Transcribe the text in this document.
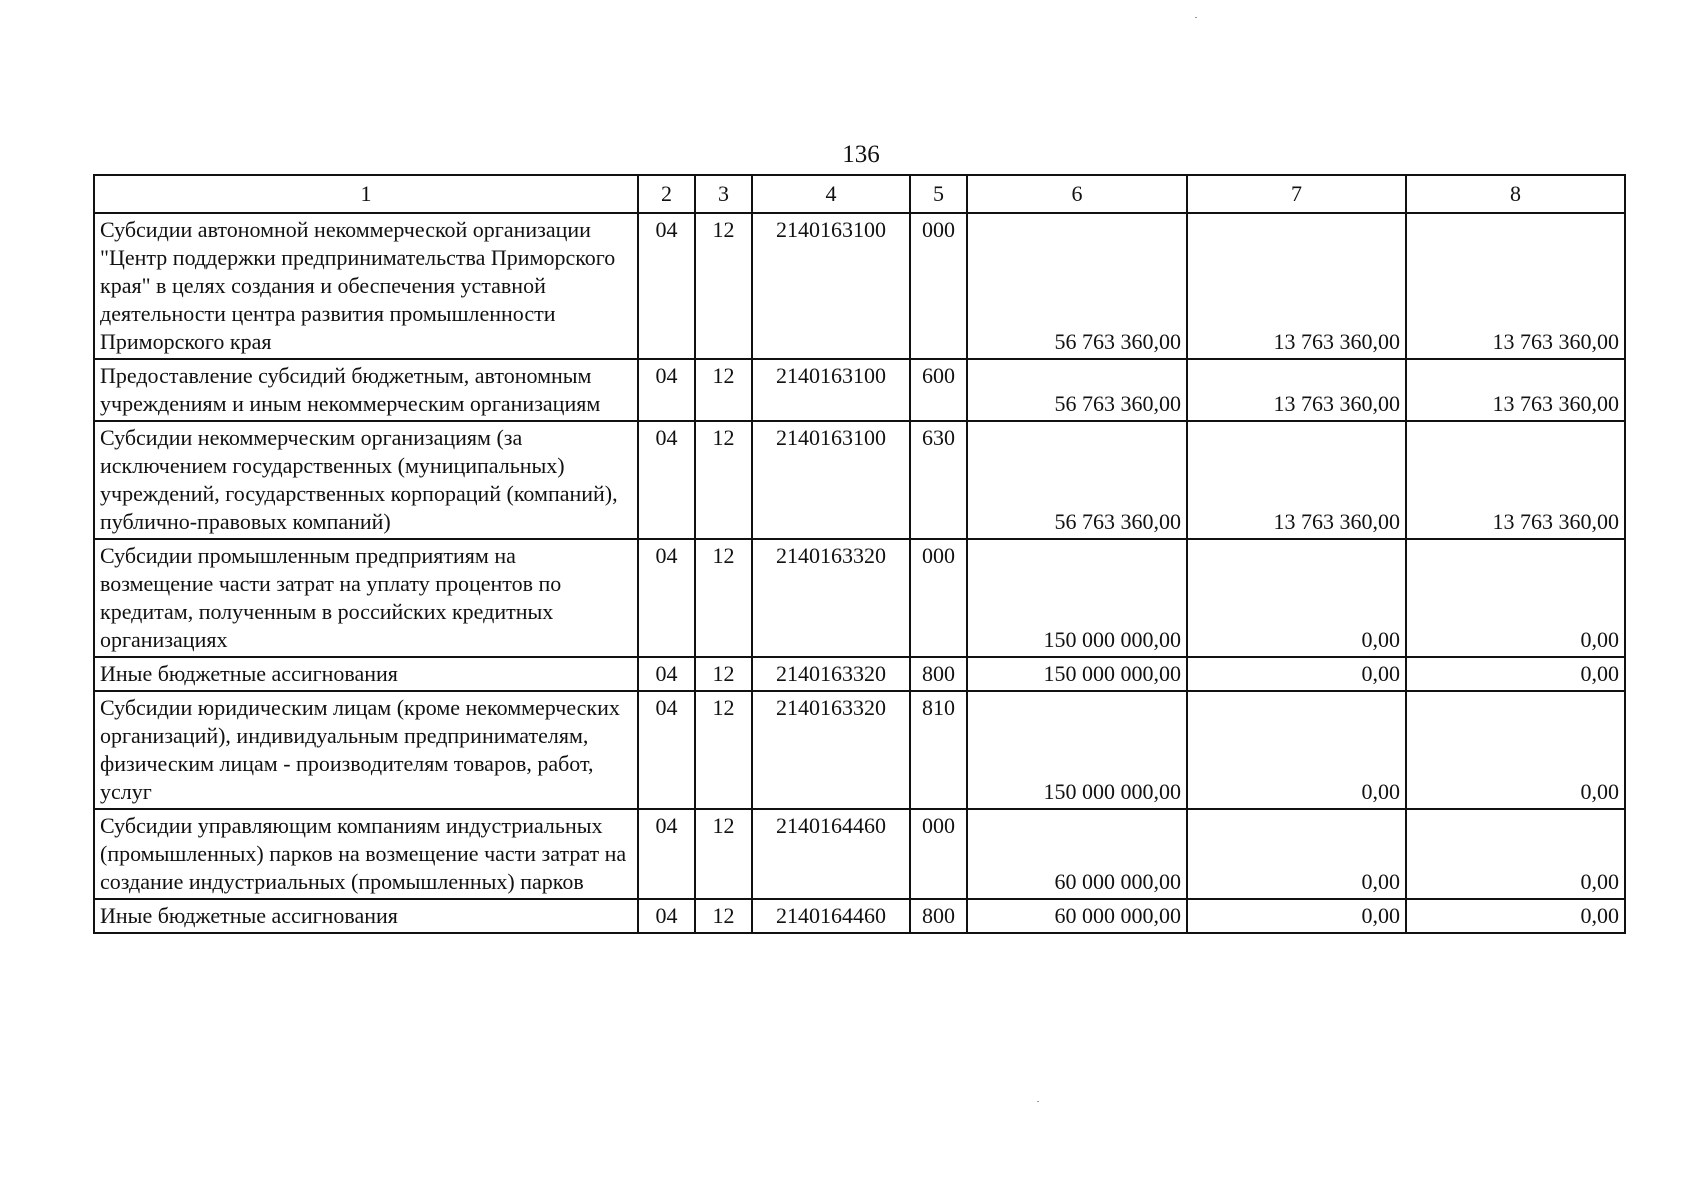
136
1	2	3	4	5	6	7	8
Субсидии автономной некоммерческой организации "Центр поддержки предпринимательства Приморского края" в целях создания и обеспечения уставной деятельности центра развития промышленности Приморского края	04	12	2140163100	000	56 763 360,00	13 763 360,00	13 763 360,00
Предоставление субсидий бюджетным, автономным учреждениям и иным некоммерческим организациям	04	12	2140163100	600	56 763 360,00	13 763 360,00	13 763 360,00
Субсидии некоммерческим организациям (за исключением государственных (муниципальных) учреждений, государственных корпораций (компаний), публично-правовых компаний)	04	12	2140163100	630	56 763 360,00	13 763 360,00	13 763 360,00
Субсидии промышленным предприятиям на возмещение части затрат на уплату процентов по кредитам, полученным в российских кредитных организациях	04	12	2140163320	000	150 000 000,00	0,00	0,00
Иные бюджетные ассигнования	04	12	2140163320	800	150 000 000,00	0,00	0,00
Субсидии юридическим лицам (кроме некоммерческих организаций), индивидуальным предпринимателям, физическим лицам - производителям товаров, работ, услуг	04	12	2140163320	810	150 000 000,00	0,00	0,00
Субсидии управляющим компаниям индустриальных (промышленных) парков на возмещение части затрат на создание индустриальных (промышленных) парков	04	12	2140164460	000	60 000 000,00	0,00	0,00
Иные бюджетные ассигнования	04	12	2140164460	800	60 000 000,00	0,00	0,00
